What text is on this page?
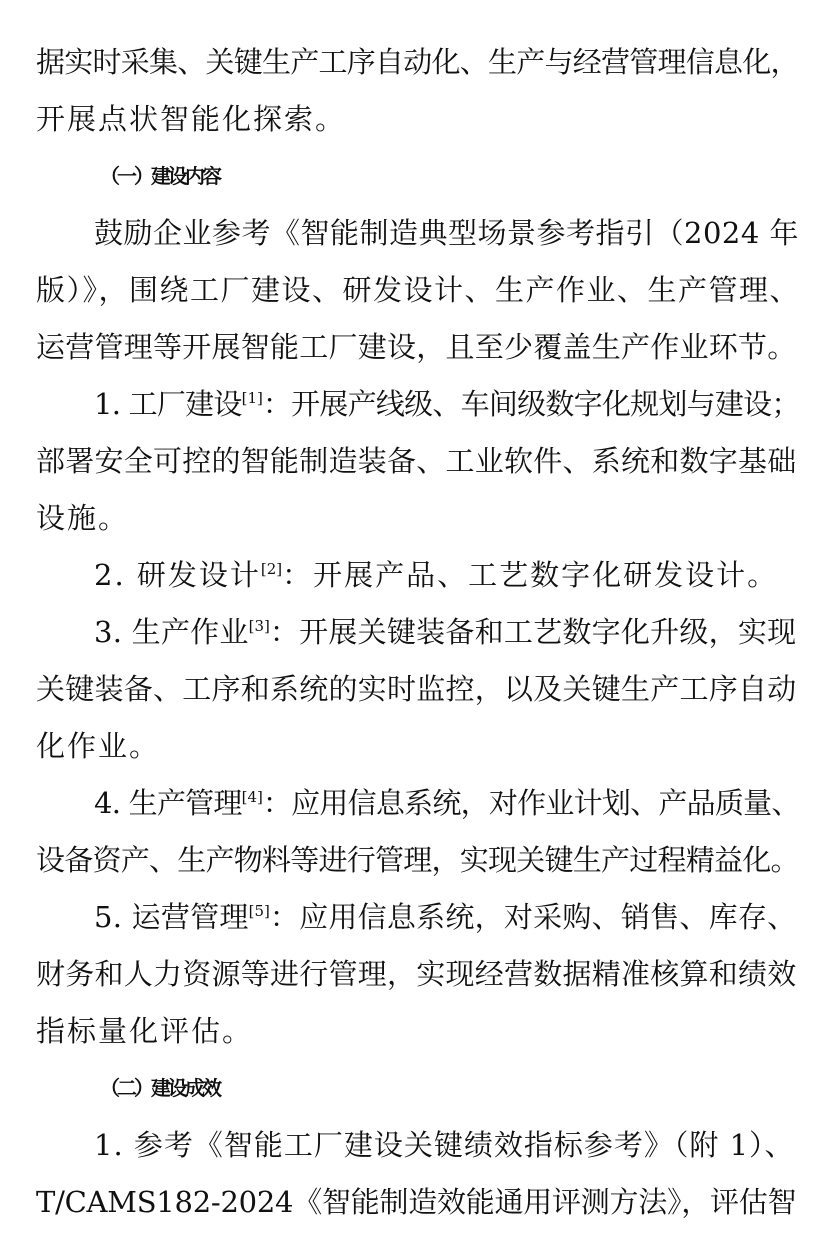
据实时采集、关键生产工序自动化、生产与经营管理信息化，
开展点状智能化探索。
（一）建设内容
鼓励企业参考《智能制造典型场景参考指引（2024 年
版）》，围绕工厂建设、研发设计、生产作业、生产管理、
运营管理等开展智能工厂建设，且至少覆盖生产作业环节。
1. 工厂建设[1]：开展产线级、车间级数字化规划与建设；
部署安全可控的智能制造装备、工业软件、系统和数字基础
设施。
2. 研发设计[2]：开展产品、工艺数字化研发设计。
3. 生产作业[3]：开展关键装备和工艺数字化升级，实现
关键装备、工序和系统的实时监控，以及关键生产工序自动
化作业。
4. 生产管理[4]：应用信息系统，对作业计划、产品质量、
设备资产、生产物料等进行管理，实现关键生产过程精益化。
5. 运营管理[5]：应用信息系统，对采购、销售、库存、
财务和人力资源等进行管理，实现经营数据精准核算和绩效
指标量化评估。
（二）建设成效
1. 参考《智能工厂建设关键绩效指标参考》（附 1）、
T/CAMS182-2024《智能制造效能通用评测方法》，评估智
